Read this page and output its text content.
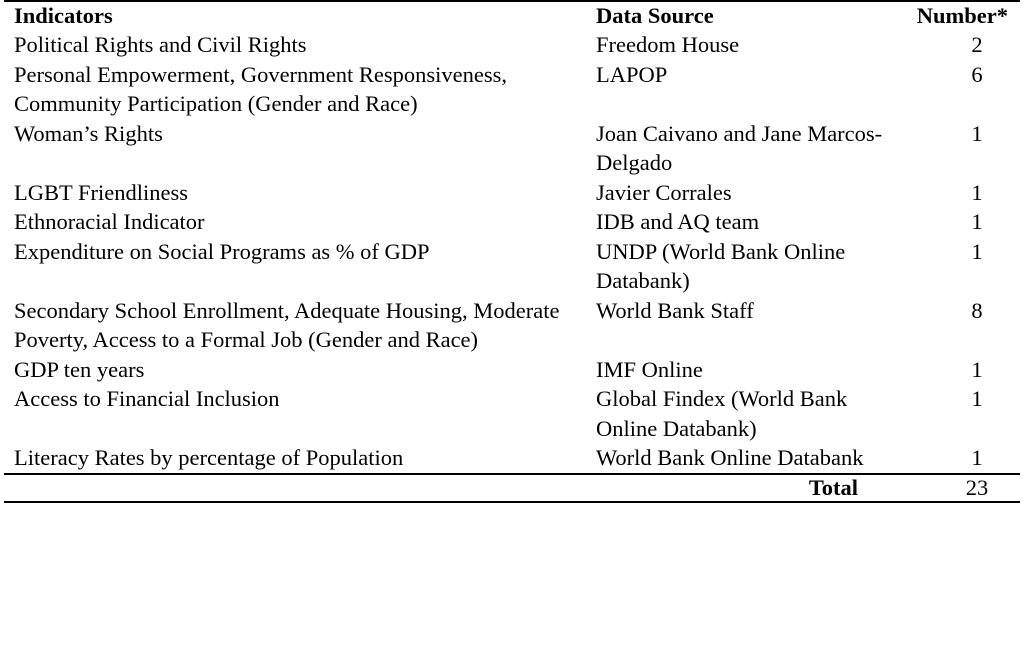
Indicators	Data Source	Number*
Political Rights and Civil Rights	Freedom House	2
Personal Empowerment, Government Responsiveness, Community Participation (Gender and Race)	LAPOP	6
Woman’s Rights	Joan Caivano and Jane Marcos-Delgado	1
LGBT Friendliness	Javier Corrales	1
Ethnoracial Indicator	IDB and AQ team	1
Expenditure on Social Programs as % of GDP	UNDP (World Bank Online Databank)	1
Secondary School Enrollment, Adequate Housing, Moderate Poverty, Access to a Formal Job (Gender and Race)	World Bank Staff	8
GDP ten years	IMF Online	1
Access to Financial Inclusion	Global Findex (World Bank Online Databank)	1
Literacy Rates by percentage of Population	World Bank Online Databank	1
	Total	23
